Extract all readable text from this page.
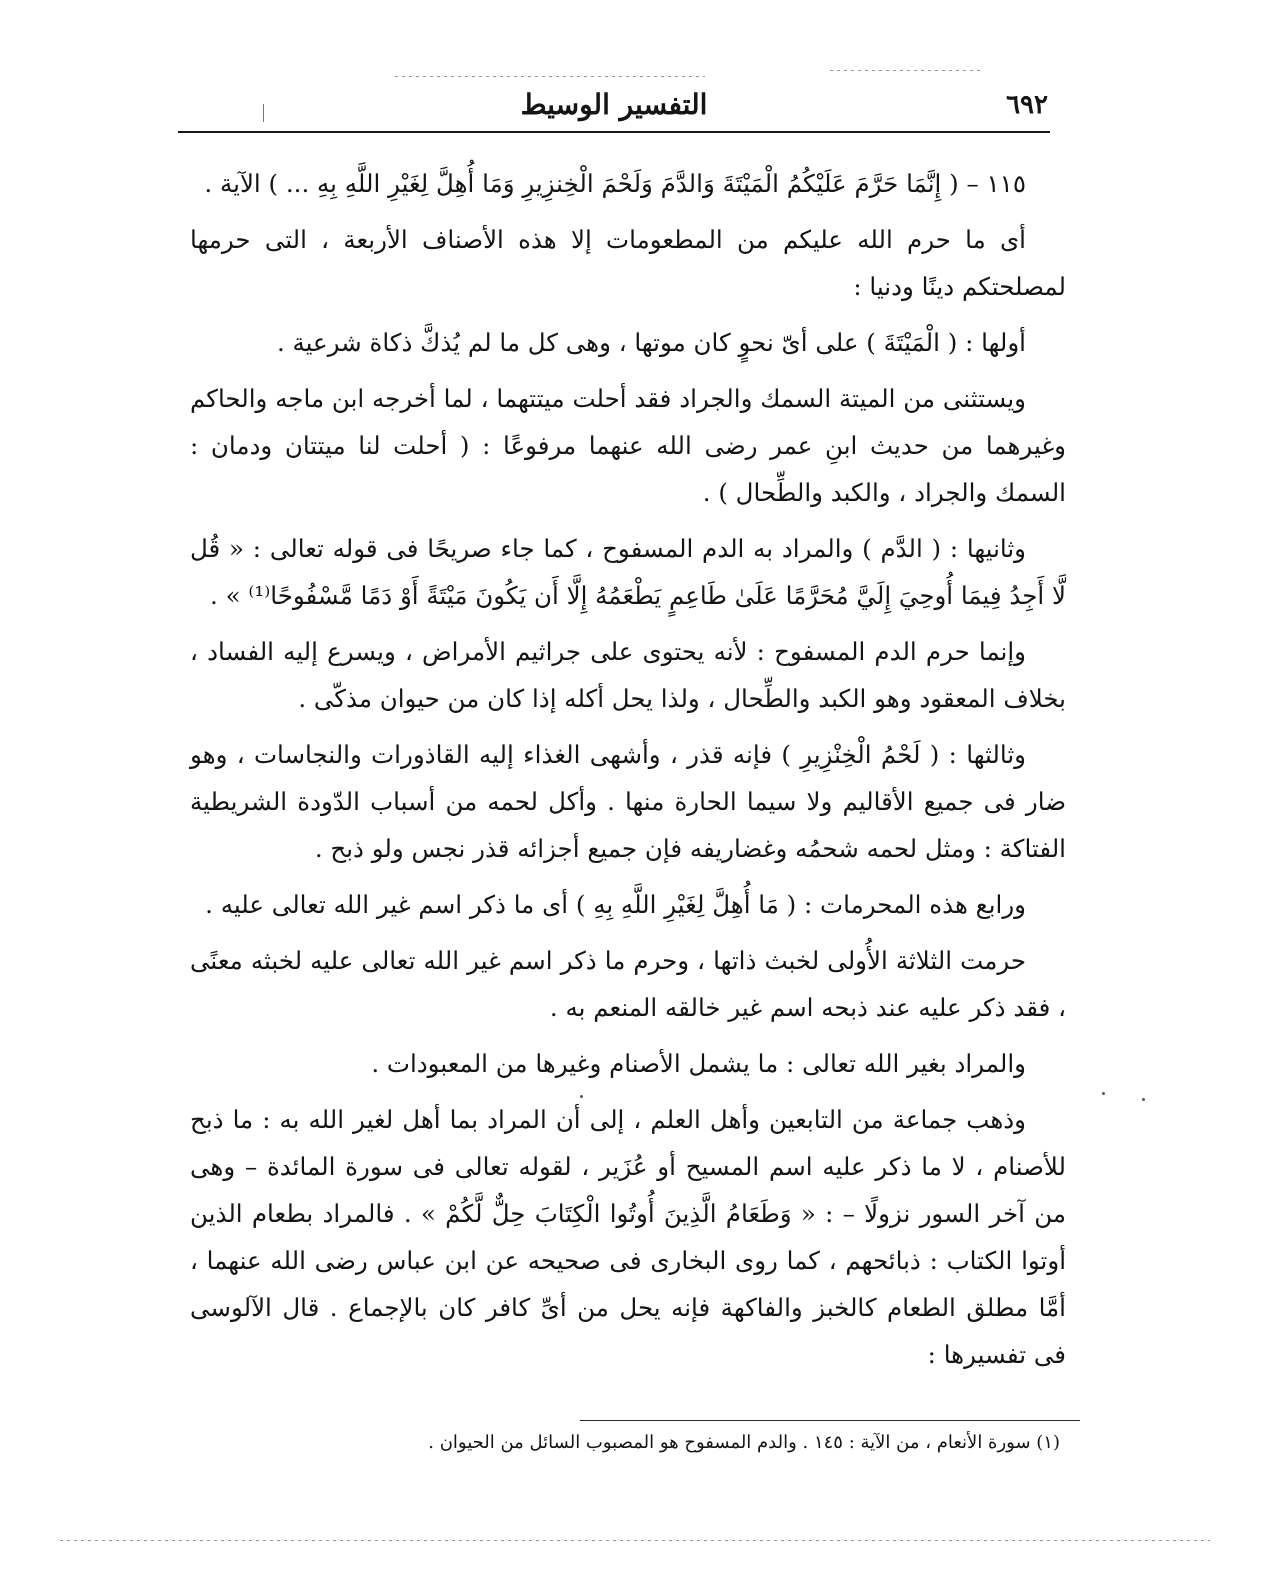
٦٩٢
التفسير الوسيط

١١٥ – ( إِنَّمَا حَرَّمَ عَلَيْكُمُ الْمَيْتَةَ وَالدَّمَ وَلَحْمَ الْخِنزِيرِ وَمَا أُهِلَّ لِغَيْرِ اللَّهِ بِهِ ... ) الآية .

أى ما حرم الله عليكم من المطعومات إلا هذه الأصناف الأربعة ، التى حرمها لمصلحتكم دينًا ودنيا :

أولها : ( الْمَيْتَةَ ) على أىّ نحوٍ كان موتها ، وهى كل ما لم يُذكَّ ذكاة شرعية .

ويستثنى من الميتة السمك والجراد فقد أحلت ميتتهما ، لما أخرجه ابن ماجه والحاكم وغيرهما من حديث ابنِ عمر رضى الله عنهما مرفوعًا : ( أحلت لنا ميتتان ودمان : السمك والجراد ، والكبد والطِّحال ) .

وثانيها : ( الدَّم ) والمراد به الدم المسفوح ، كما جاء صريحًا فى قوله تعالى : « قُل لَّا أَجِدُ فِيمَا أُوحِيَ إِلَيَّ مُحَرَّمًا عَلَىٰ طَاعِمٍ يَطْعَمُهُ إِلَّا أَن يَكُونَ مَيْتَةً أَوْ دَمًا مَّسْفُوحًا⁽¹⁾ » .

وإنما حرم الدم المسفوح : لأنه يحتوى على جراثيم الأمراض ، ويسرع إليه الفساد ، بخلاف المعقود وهو الكبد والطِّحال ، ولذا يحل أكله إذا كان من حيوان مذكّى .

وثالثها : ( لَحْمُ الْخِنْزِيرِ ) فإنه قذر ، وأشهى الغذاء إليه القاذورات والنجاسات ، وهو ضار فى جميع الأقاليم ولا سيما الحارة منها . وأكل لحمه من أسباب الدّودة الشريطية الفتاكة : ومثل لحمه شحمُه وغضاريفه فإن جميع أجزائه قذر نجس ولو ذبح .

ورابع هذه المحرمات : ( مَا أُهِلَّ لِغَيْرِ اللَّهِ بِهِ ) أى ما ذكر اسم غير الله تعالى عليه .

حرمت الثلاثة الأُولى لخبث ذاتها ، وحرم ما ذكر اسم غير الله تعالى عليه لخبثه معنًى ، فقد ذكر عليه عند ذبحه اسم غير خالقه المنعم به .

والمراد بغير الله تعالى : ما يشمل الأصنام وغيرها من المعبودات .

وذهب جماعة من التابعين وأهل العلم ، إلى أن المراد بما أهل لغير الله به : ما ذبح للأصنام ، لا ما ذكر عليه اسم المسيح أو عُزَير ، لقوله تعالى فى سورة المائدة – وهى من آخر السور نزولًا – : « وَطَعَامُ الَّذِينَ أُوتُوا الْكِتَابَ حِلٌّ لَّكُمْ » . فالمراد بطعام الذين أوتوا الكتاب : ذبائحهم ، كما روى البخارى فى صحيحه عن ابن عباس رضى الله عنهما ، أمَّا مطلق الطعام كالخبز والفاكهة فإنه يحل من أىِّ كافر كان بالإجماع . قال الآلوسى فى تفسيرها :

(١) سورة الأنعام ، من الآية : ١٤٥ . والدم المسفوح هو المصبوب السائل من الحيوان .
